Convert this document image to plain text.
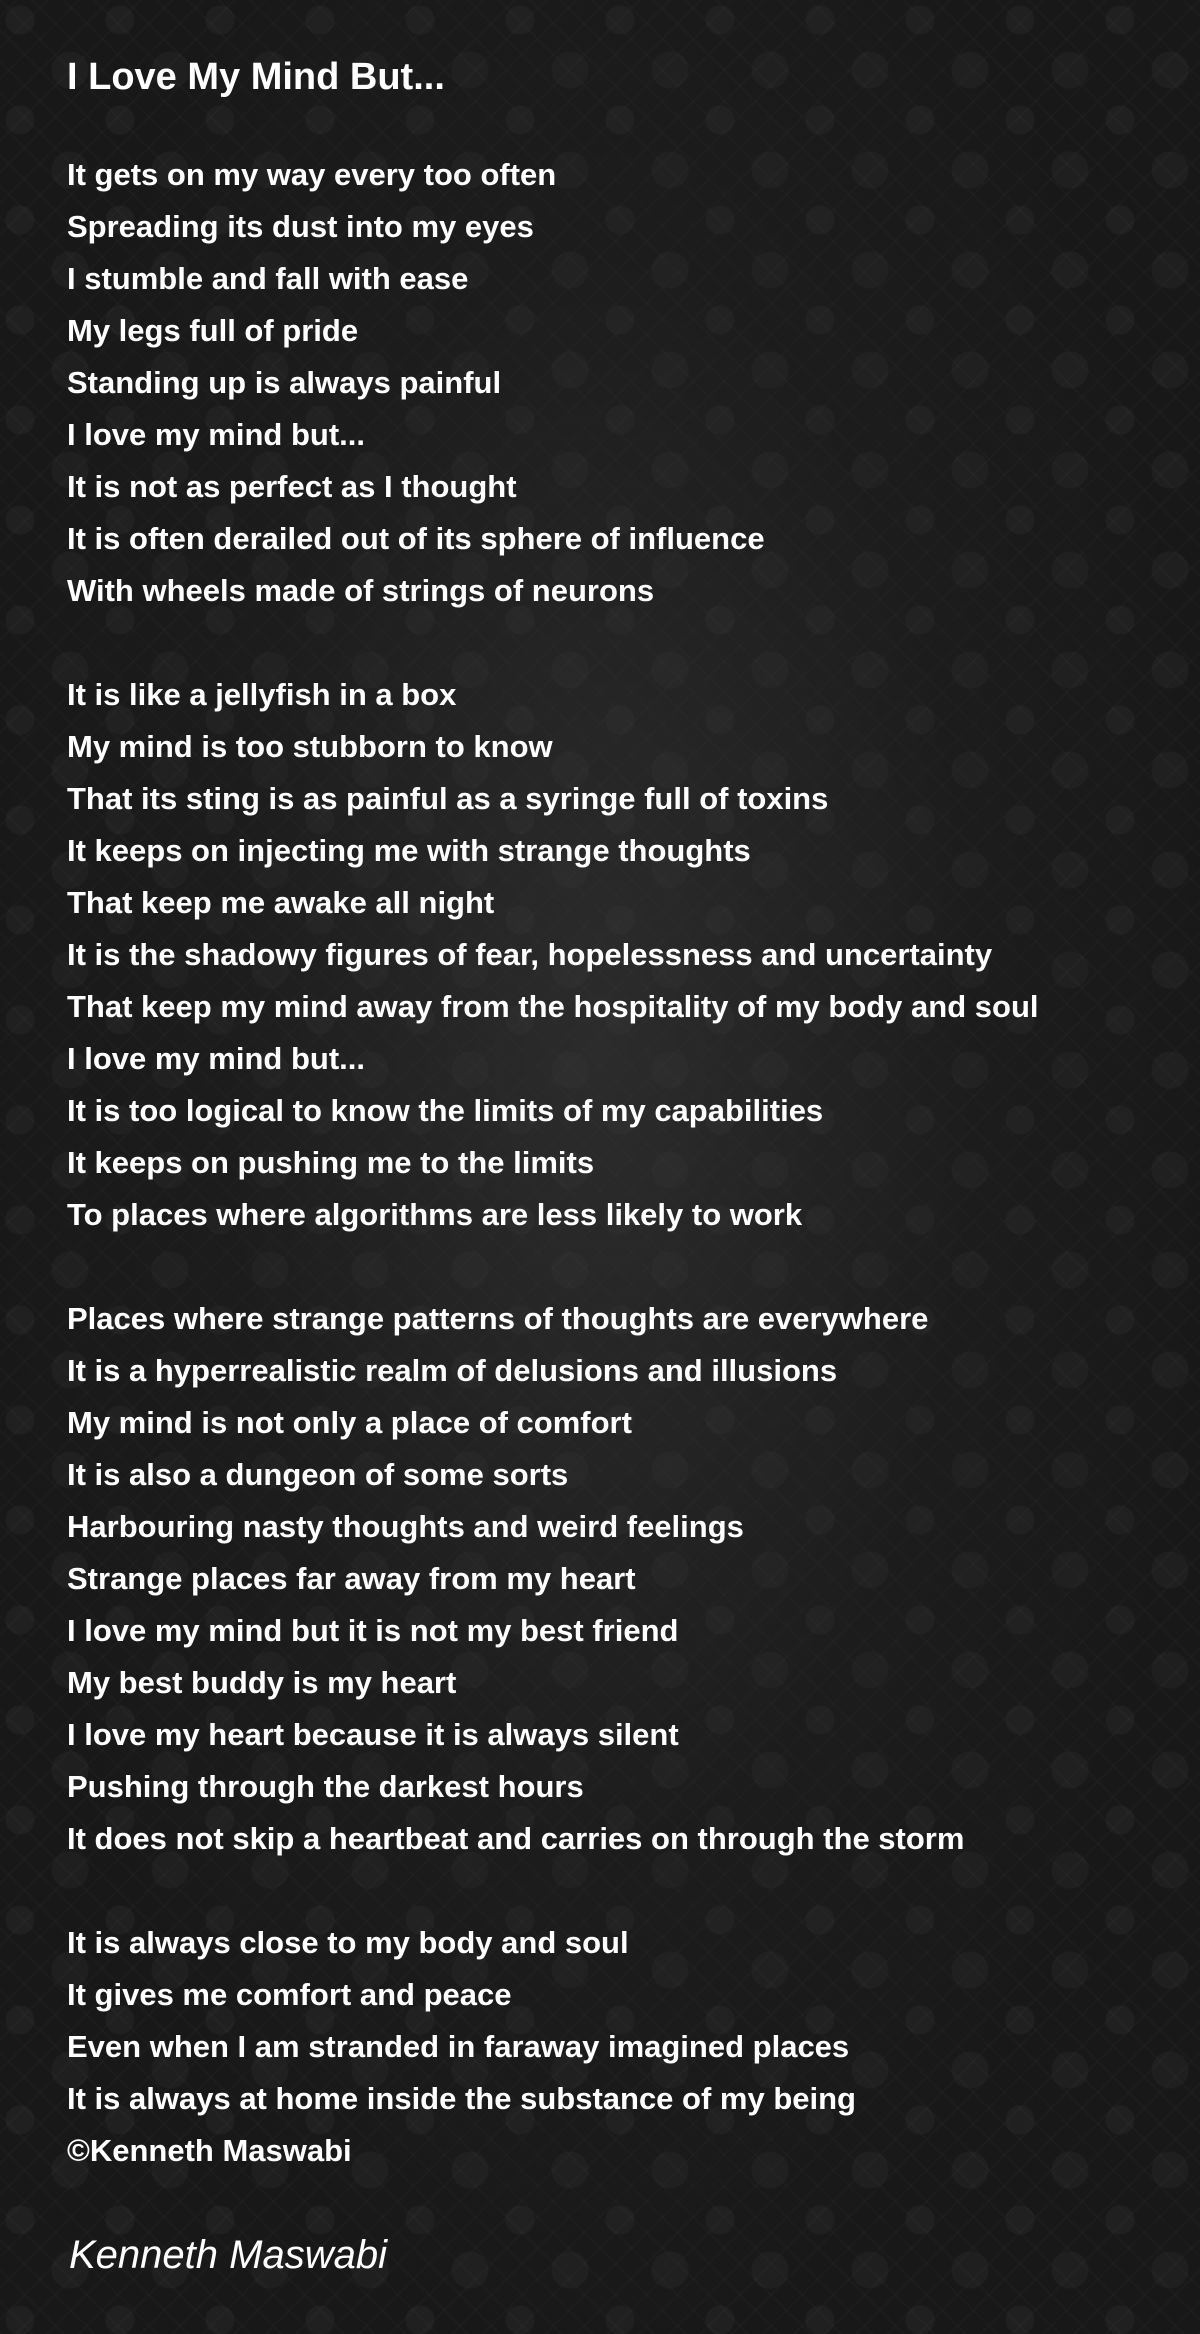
I Love My Mind But...
It gets on my way every too often
Spreading its dust into my eyes
I stumble and fall with ease
My legs full of pride
Standing up is always painful
I love my mind but...
It is not as perfect as I thought
It is often derailed out of its sphere of influence
With wheels made of strings of neurons
It is like a jellyfish in a box
My mind is too stubborn to know
That its sting is as painful as a syringe full of toxins
It keeps on injecting me with strange thoughts
That keep me awake all night
It is the shadowy figures of fear, hopelessness and uncertainty
That keep my mind away from the hospitality of my body and soul
I love my mind but...
It is too logical to know the limits of my capabilities
It keeps on pushing me to the limits
To places where algorithms are less likely to work
Places where strange patterns of thoughts are everywhere
It is a hyperrealistic realm of delusions and illusions
My mind is not only a place of comfort
It is also a dungeon of some sorts
Harbouring nasty thoughts and weird feelings
Strange places far away from my heart
I love my mind but it is not my best friend
My best buddy is my heart
I love my heart because it is always silent
Pushing through the darkest hours
It does not skip a heartbeat and carries on through the storm
It is always close to my body and soul
It gives me comfort and peace
Even when I am stranded in faraway imagined places
It is always at home inside the substance of my being
©Kenneth Maswabi

Kenneth Maswabi
